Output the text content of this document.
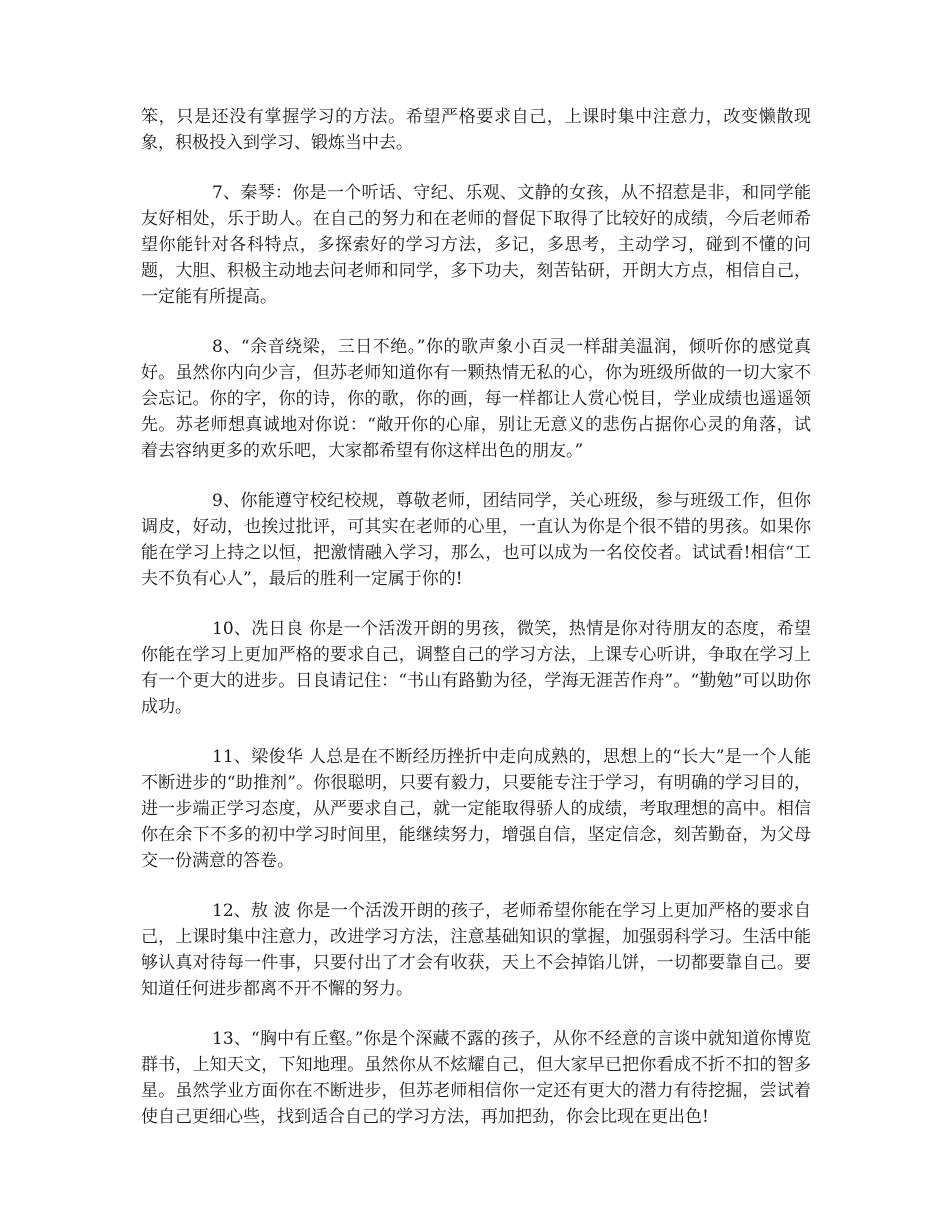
笨，只是还没有掌握学习的方法。希望严格要求自己，上课时集中注意力，改变懒散现象，积极投入到学习、锻炼当中去。

7、秦琴：你是一个听话、守纪、乐观、文静的女孩，从不招惹是非，和同学能友好相处，乐于助人。在自己的努力和在老师的督促下取得了比较好的成绩，今后老师希望你能针对各科特点，多探索好的学习方法，多记，多思考，主动学习，碰到不懂的问题，大胆、积极主动地去问老师和同学，多下功夫，刻苦钻研，开朗大方点，相信自己，一定能有所提高。

8、“余音绕梁，三日不绝。”你的歌声象小百灵一样甜美温润，倾听你的感觉真好。虽然你内向少言，但苏老师知道你有一颗热情无私的心，你为班级所做的一切大家不会忘记。你的字，你的诗，你的歌，你的画，每一样都让人赏心悦目，学业成绩也遥遥领先。苏老师想真诚地对你说：“敞开你的心扉，别让无意义的悲伤占据你心灵的角落，试着去容纳更多的欢乐吧，大家都希望有你这样出色的朋友。”

9、你能遵守校纪校规，尊敬老师，团结同学，关心班级，参与班级工作，但你调皮，好动，也挨过批评，可其实在老师的心里，一直认为你是个很不错的男孩。如果你能在学习上持之以恒，把激情融入学习，那么，也可以成为一名佼佼者。试试看!相信“工夫不负有心人”，最后的胜利一定属于你的!

10、冼日良 你是一个活泼开朗的男孩，微笑，热情是你对待朋友的态度，希望你能在学习上更加严格的要求自己，调整自己的学习方法，上课专心听讲，争取在学习上有一个更大的进步。日良请记住：“书山有路勤为径，学海无涯苦作舟”。“勤勉”可以助你成功。

11、梁俊华 人总是在不断经历挫折中走向成熟的，思想上的“长大”是一个人能不断进步的“助推剂”。你很聪明，只要有毅力，只要能专注于学习，有明确的学习目的，进一步端正学习态度，从严要求自己，就一定能取得骄人的成绩，考取理想的高中。相信你在余下不多的初中学习时间里，能继续努力，增强自信，坚定信念，刻苦勤奋，为父母交一份满意的答卷。

12、敖 波 你是一个活泼开朗的孩子，老师希望你能在学习上更加严格的要求自己，上课时集中注意力，改进学习方法，注意基础知识的掌握，加强弱科学习。生活中能够认真对待每一件事，只要付出了才会有收获，天上不会掉馅儿饼，一切都要靠自己。要知道任何进步都离不开不懈的努力。

13、“胸中有丘壑。”你是个深藏不露的孩子，从你不经意的言谈中就知道你博览群书，上知天文，下知地理。虽然你从不炫耀自己，但大家早已把你看成不折不扣的智多星。虽然学业方面你在不断进步，但苏老师相信你一定还有更大的潜力有待挖掘，尝试着使自己更细心些，找到适合自己的学习方法，再加把劲，你会比现在更出色!
